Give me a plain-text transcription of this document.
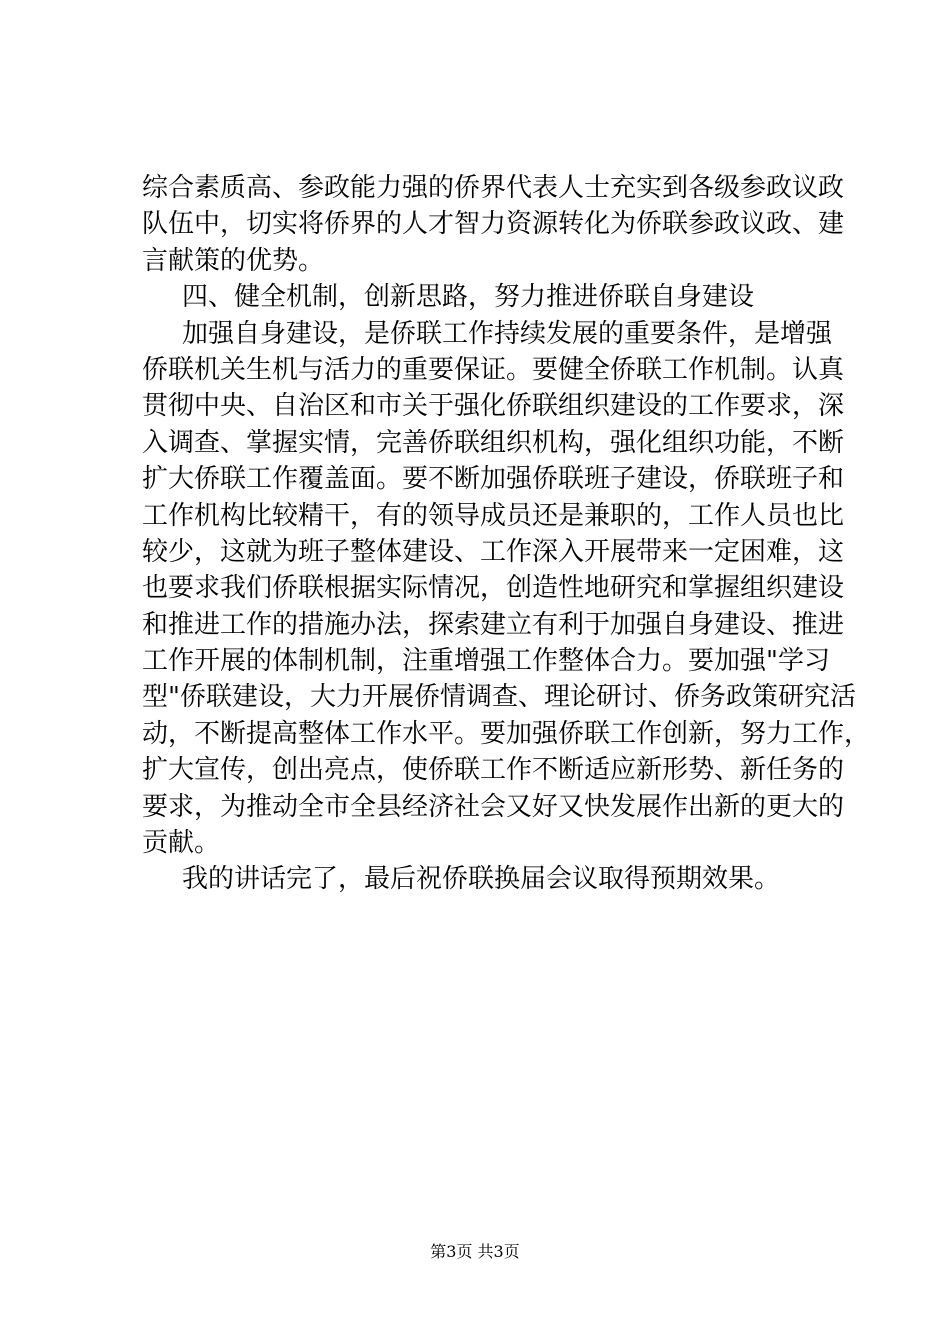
综合素质高、参政能力强的侨界代表人士充实到各级参政议政

队伍中，切实将侨界的人才智力资源转化为侨联参政议政、建

言献策的优势。

四、健全机制，创新思路，努力推进侨联自身建设

加强自身建设，是侨联工作持续发展的重要条件，是增强

侨联机关生机与活力的重要保证。要健全侨联工作机制。认真

贯彻中央、自治区和市关于强化侨联组织建设的工作要求，深

入调查、掌握实情，完善侨联组织机构，强化组织功能，不断

扩大侨联工作覆盖面。要不断加强侨联班子建设，侨联班子和

工作机构比较精干，有的领导成员还是兼职的，工作人员也比

较少，这就为班子整体建设、工作深入开展带来一定困难，这

也要求我们侨联根据实际情况，创造性地研究和掌握组织建设

和推进工作的措施办法，探索建立有利于加强自身建设、推进

工作开展的体制机制，注重增强工作整体合力。要加强"学习

型"侨联建设，大力开展侨情调查、理论研讨、侨务政策研究活

动，不断提高整体工作水平。要加强侨联工作创新，努力工作，

扩大宣传，创出亮点，使侨联工作不断适应新形势、新任务的

要求，为推动全市全县经济社会又好又快发展作出新的更大的

贡献。

我的讲话完了，最后祝侨联换届会议取得预期效果。

第3页 共3页
